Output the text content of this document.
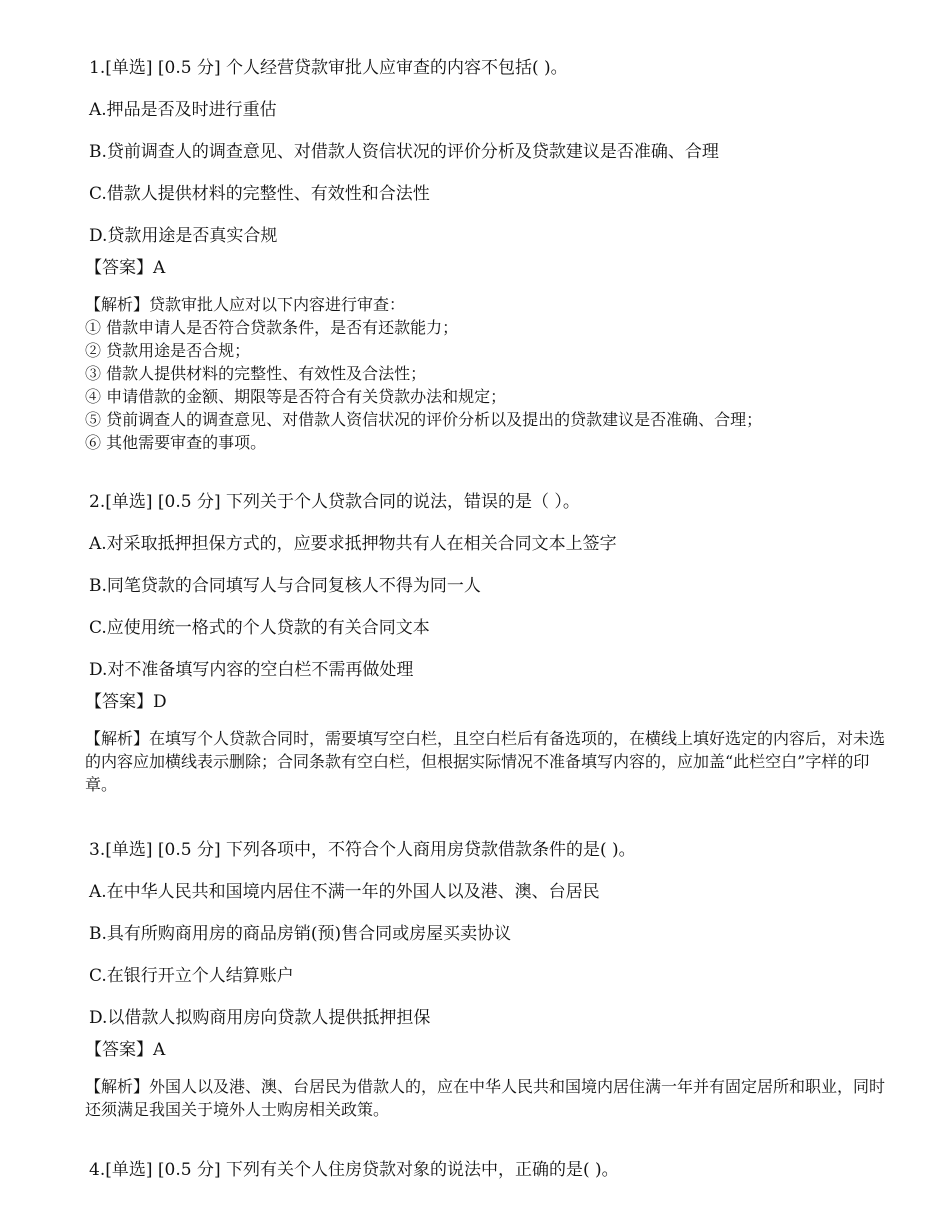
1.[单选] [0.5 分] 个人经营贷款审批人应审查的内容不包括( )。
A.押品是否及时进行重估
B.贷前调查人的调查意见、对借款人资信状况的评价分析及贷款建议是否准确、合理
C.借款人提供材料的完整性、有效性和合法性
D.贷款用途是否真实合规
【答案】A
【解析】贷款审批人应对以下内容进行审查：
① 借款申请人是否符合贷款条件，是否有还款能力；
② 贷款用途是否合规；
③ 借款人提供材料的完整性、有效性及合法性；
④ 申请借款的金额、期限等是否符合有关贷款办法和规定；
⑤ 贷前调查人的调查意见、对借款人资信状况的评价分析以及提出的贷款建议是否准确、合理；
⑥ 其他需要审查的事项。
2.[单选] [0.5 分] 下列关于个人贷款合同的说法，错误的是（ ）。
A.对采取抵押担保方式的，应要求抵押物共有人在相关合同文本上签字
B.同笔贷款的合同填写人与合同复核人不得为同一人
C.应使用统一格式的个人贷款的有关合同文本
D.对不准备填写内容的空白栏不需再做处理
【答案】D
【解析】在填写个人贷款合同时，需要填写空白栏，且空白栏后有备选项的，在横线上填好选定的内容后，对未选的内容应加横线表示删除；合同条款有空白栏，但根据实际情况不准备填写内容的，应加盖“此栏空白”字样的印章。
3.[单选] [0.5 分] 下列各项中，不符合个人商用房贷款借款条件的是( )。
A.在中华人民共和国境内居住不满一年的外国人以及港、澳、台居民
B.具有所购商用房的商品房销(预)售合同或房屋买卖协议
C.在银行开立个人结算账户
D.以借款人拟购商用房向贷款人提供抵押担保
【答案】A
【解析】外国人以及港、澳、台居民为借款人的，应在中华人民共和国境内居住满一年并有固定居所和职业，同时还须满足我国关于境外人士购房相关政策。
4.[单选] [0.5 分] 下列有关个人住房贷款对象的说法中，正确的是( )。
